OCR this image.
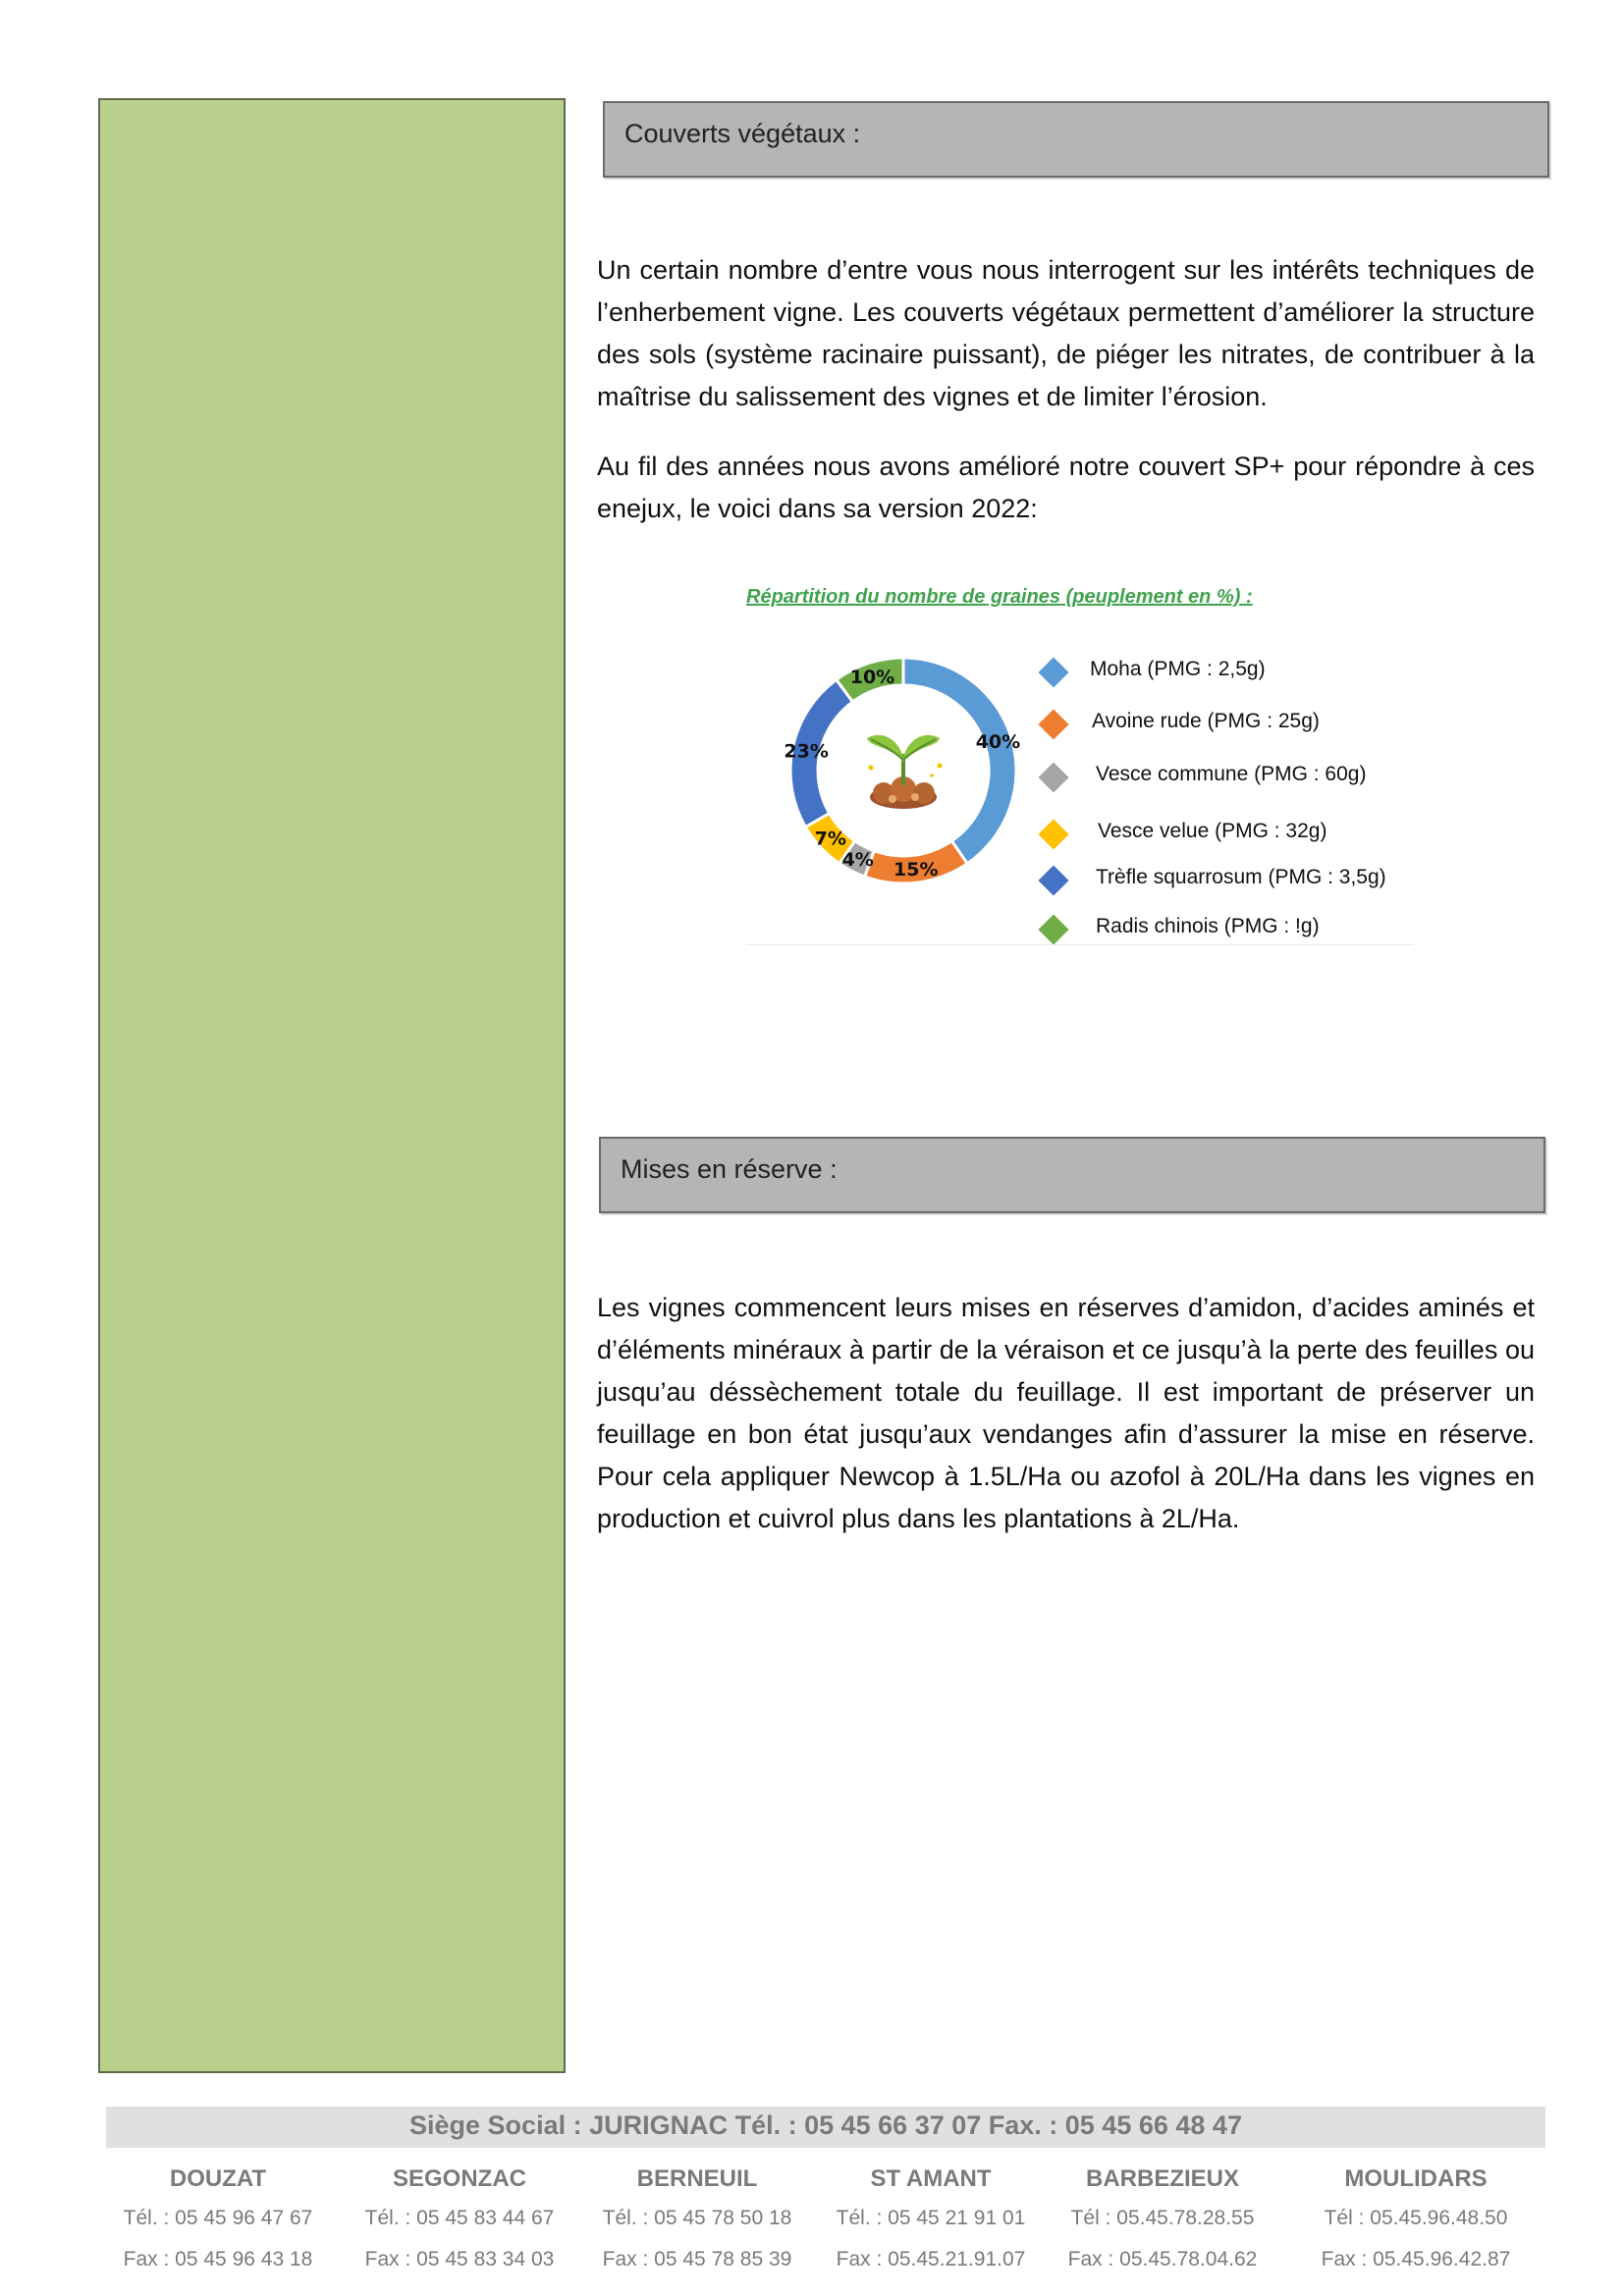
Couverts végétaux :

Un certain nombre d’entre vous nous interrogent sur les intérêts techniques de l’enherbement vigne. Les couverts végétaux permettent d’améliorer la structure des sols (système racinaire puissant), de piéger les nitrates, de contribuer à la maîtrise du salissement des vignes et de limiter l’érosion.

Au fil des années nous avons amélioré notre couvert SP+ pour répondre à ces enejux, le voici dans sa version 2022:

Répartition du nombre de graines (peuplement en %) :
40%
15%
4%
7%
23%
10%	Moha (PMG : 2,5g)
Avoine rude (PMG : 25g)
Vesce commune (PMG : 60g)
Vesce velue (PMG : 32g)
Trèfle squarrosum (PMG : 3,5g)
Radis chinois (PMG : !g)
Mises en réserve :

Les vignes commencent leurs mises en réserves d’amidon, d’acides aminés et d’éléments minéraux à partir de la véraison et ce jusqu’à la perte des feuilles ou jusqu’au déssèchement totale du feuillage. Il est important de préserver un feuillage en bon état jusqu’aux vendanges afin d’assurer la mise en réserve. Pour cela appliquer Newcop à 1.5L/Ha ou azofol à 20L/Ha dans les vignes en production et cuivrol plus dans les plantations à 2L/Ha.

Siège Social : JURIGNAC Tél. : 05 45 66 37 07 Fax. : 05 45 66 48 47
DOUZAT
Tél. : 05 45 96 47 67
Fax : 05 45 96 43 18
SEGONZAC
Tél. : 05 45 83 44 67
Fax : 05 45 83 34 03
BERNEUIL
Tél. : 05 45 78 50 18
Fax : 05 45 78 85 39
ST AMANT
Tél. : 05 45 21 91 01
Fax : 05.45.21.91.07
BARBEZIEUX
Tél : 05.45.78.28.55
Fax : 05.45.78.04.62
MOULIDARS
Tél : 05.45.96.48.50
Fax : 05.45.96.42.87
